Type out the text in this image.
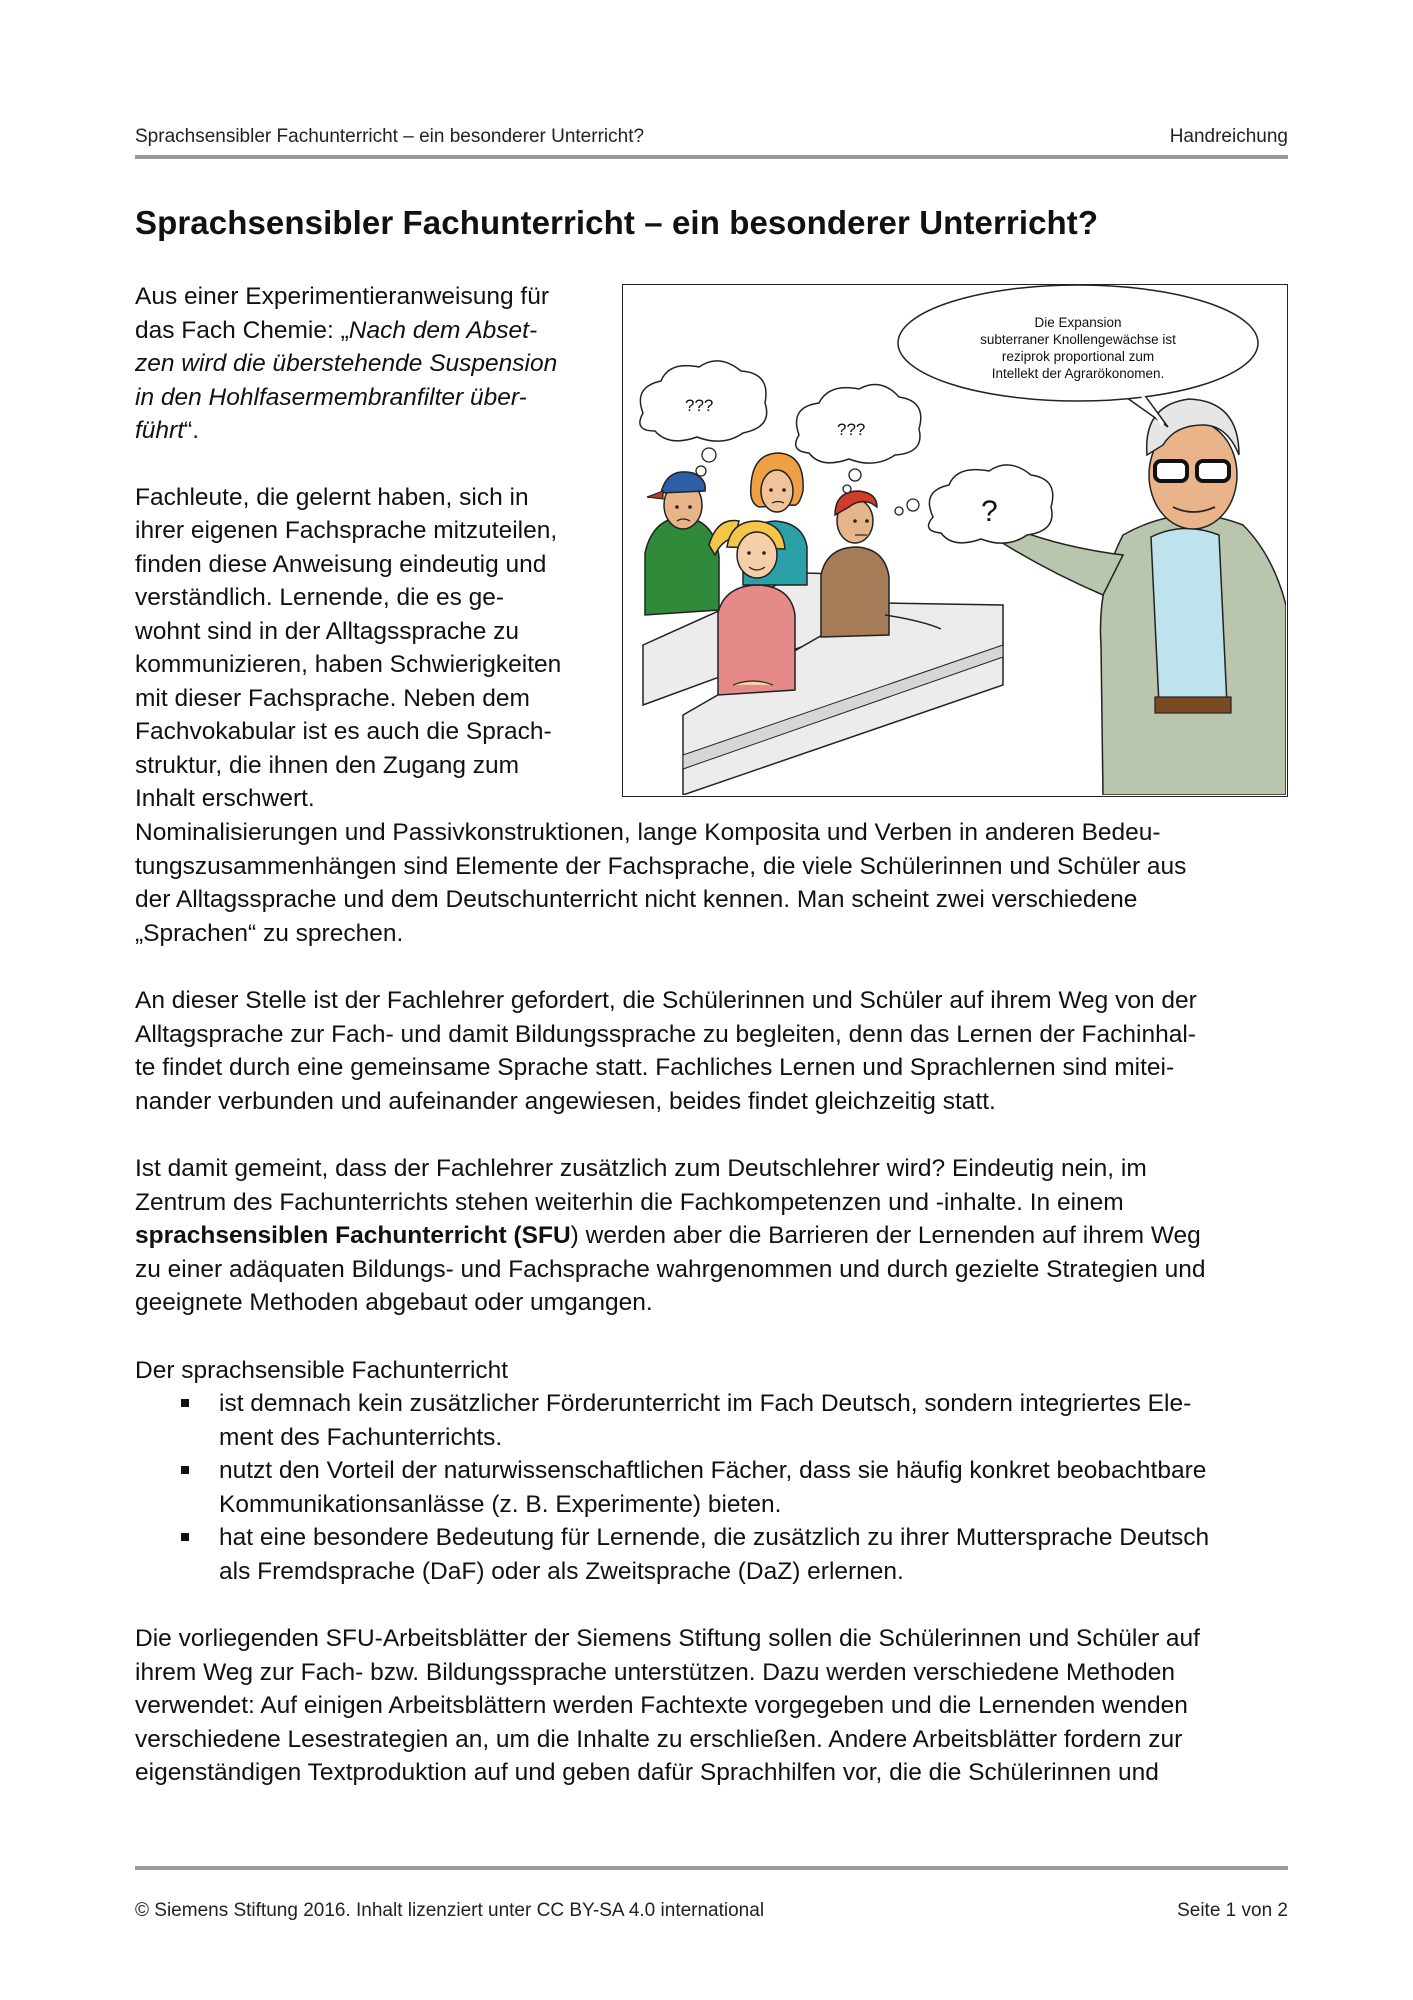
Sprachsensibler Fachunterricht – ein besonderer Unterricht?	Handreichung
Sprachsensibler Fachunterricht – ein besonderer Unterricht?

Aus einer Experimentieranweisung für
das Fach Chemie: „Nach dem Abset-
zen wird die überstehende Suspension
in den Hohlfasermembranfilter über-
führt“.

Fachleute, die gelernt haben, sich in
ihrer eigenen Fachsprache mitzuteilen,
finden diese Anweisung eindeutig und
verständlich. Lernende, die es ge-
wohnt sind in der Alltagssprache zu
kommunizieren, haben Schwierigkeiten
mit dieser Fachsprache. Neben dem
Fachvokabular ist es auch die Sprach-
struktur, die ihnen den Zugang zum
Inhalt erschwert.

Die Expansion
subterraner Knollengewächse ist
reziprok proportional zum
Intellekt der Agrarökonomen.
???
???
?

Nominalisierungen und Passivkonstruktionen, lange Komposita und Verben in anderen Bedeu-
tungszusammenhängen sind Elemente der Fachsprache, die viele Schülerinnen und Schüler aus
der Alltagssprache und dem Deutschunterricht nicht kennen. Man scheint zwei verschiedene
„Sprachen“ zu sprechen.

An dieser Stelle ist der Fachlehrer gefordert, die Schülerinnen und Schüler auf ihrem Weg von der
Alltagsprache zur Fach- und damit Bildungssprache zu begleiten, denn das Lernen der Fachinhal-
te findet durch eine gemeinsame Sprache statt. Fachliches Lernen und Sprachlernen sind mitei-
nander verbunden und aufeinander angewiesen, beides findet gleichzeitig statt.

Ist damit gemeint, dass der Fachlehrer zusätzlich zum Deutschlehrer wird? Eindeutig nein, im
Zentrum des Fachunterrichts stehen weiterhin die Fachkompetenzen und -inhalte. In einem
sprachsensiblen Fachunterricht (SFU) werden aber die Barrieren der Lernenden auf ihrem Weg
zu einer adäquaten Bildungs- und Fachsprache wahrgenommen und durch gezielte Strategien und
geeignete Methoden abgebaut oder umgangen.

Der sprachsensible Fachunterricht

ist demnach kein zusätzlicher Förderunterricht im Fach Deutsch, sondern integriertes Ele-
ment des Fachunterrichts.
nutzt den Vorteil der naturwissenschaftlichen Fächer, dass sie häufig konkret beobachtbare
Kommunikationsanlässe (z. B. Experimente) bieten.
hat eine besondere Bedeutung für Lernende, die zusätzlich zu ihrer Muttersprache Deutsch
als Fremdsprache (DaF) oder als Zweitsprache (DaZ) erlernen.

Die vorliegenden SFU-Arbeitsblätter der Siemens Stiftung sollen die Schülerinnen und Schüler auf
ihrem Weg zur Fach- bzw. Bildungssprache unterstützen. Dazu werden verschiedene Methoden
verwendet: Auf einigen Arbeitsblättern werden Fachtexte vorgegeben und die Lernenden wenden
verschiedene Lesestrategien an, um die Inhalte zu erschließen. Andere Arbeitsblätter fordern zur
eigenständigen Textproduktion auf und geben dafür Sprachhilfen vor, die die Schülerinnen und

© Siemens Stiftung 2016. Inhalt lizenziert unter CC BY-SA 4.0 international	Seite 1 von 2
